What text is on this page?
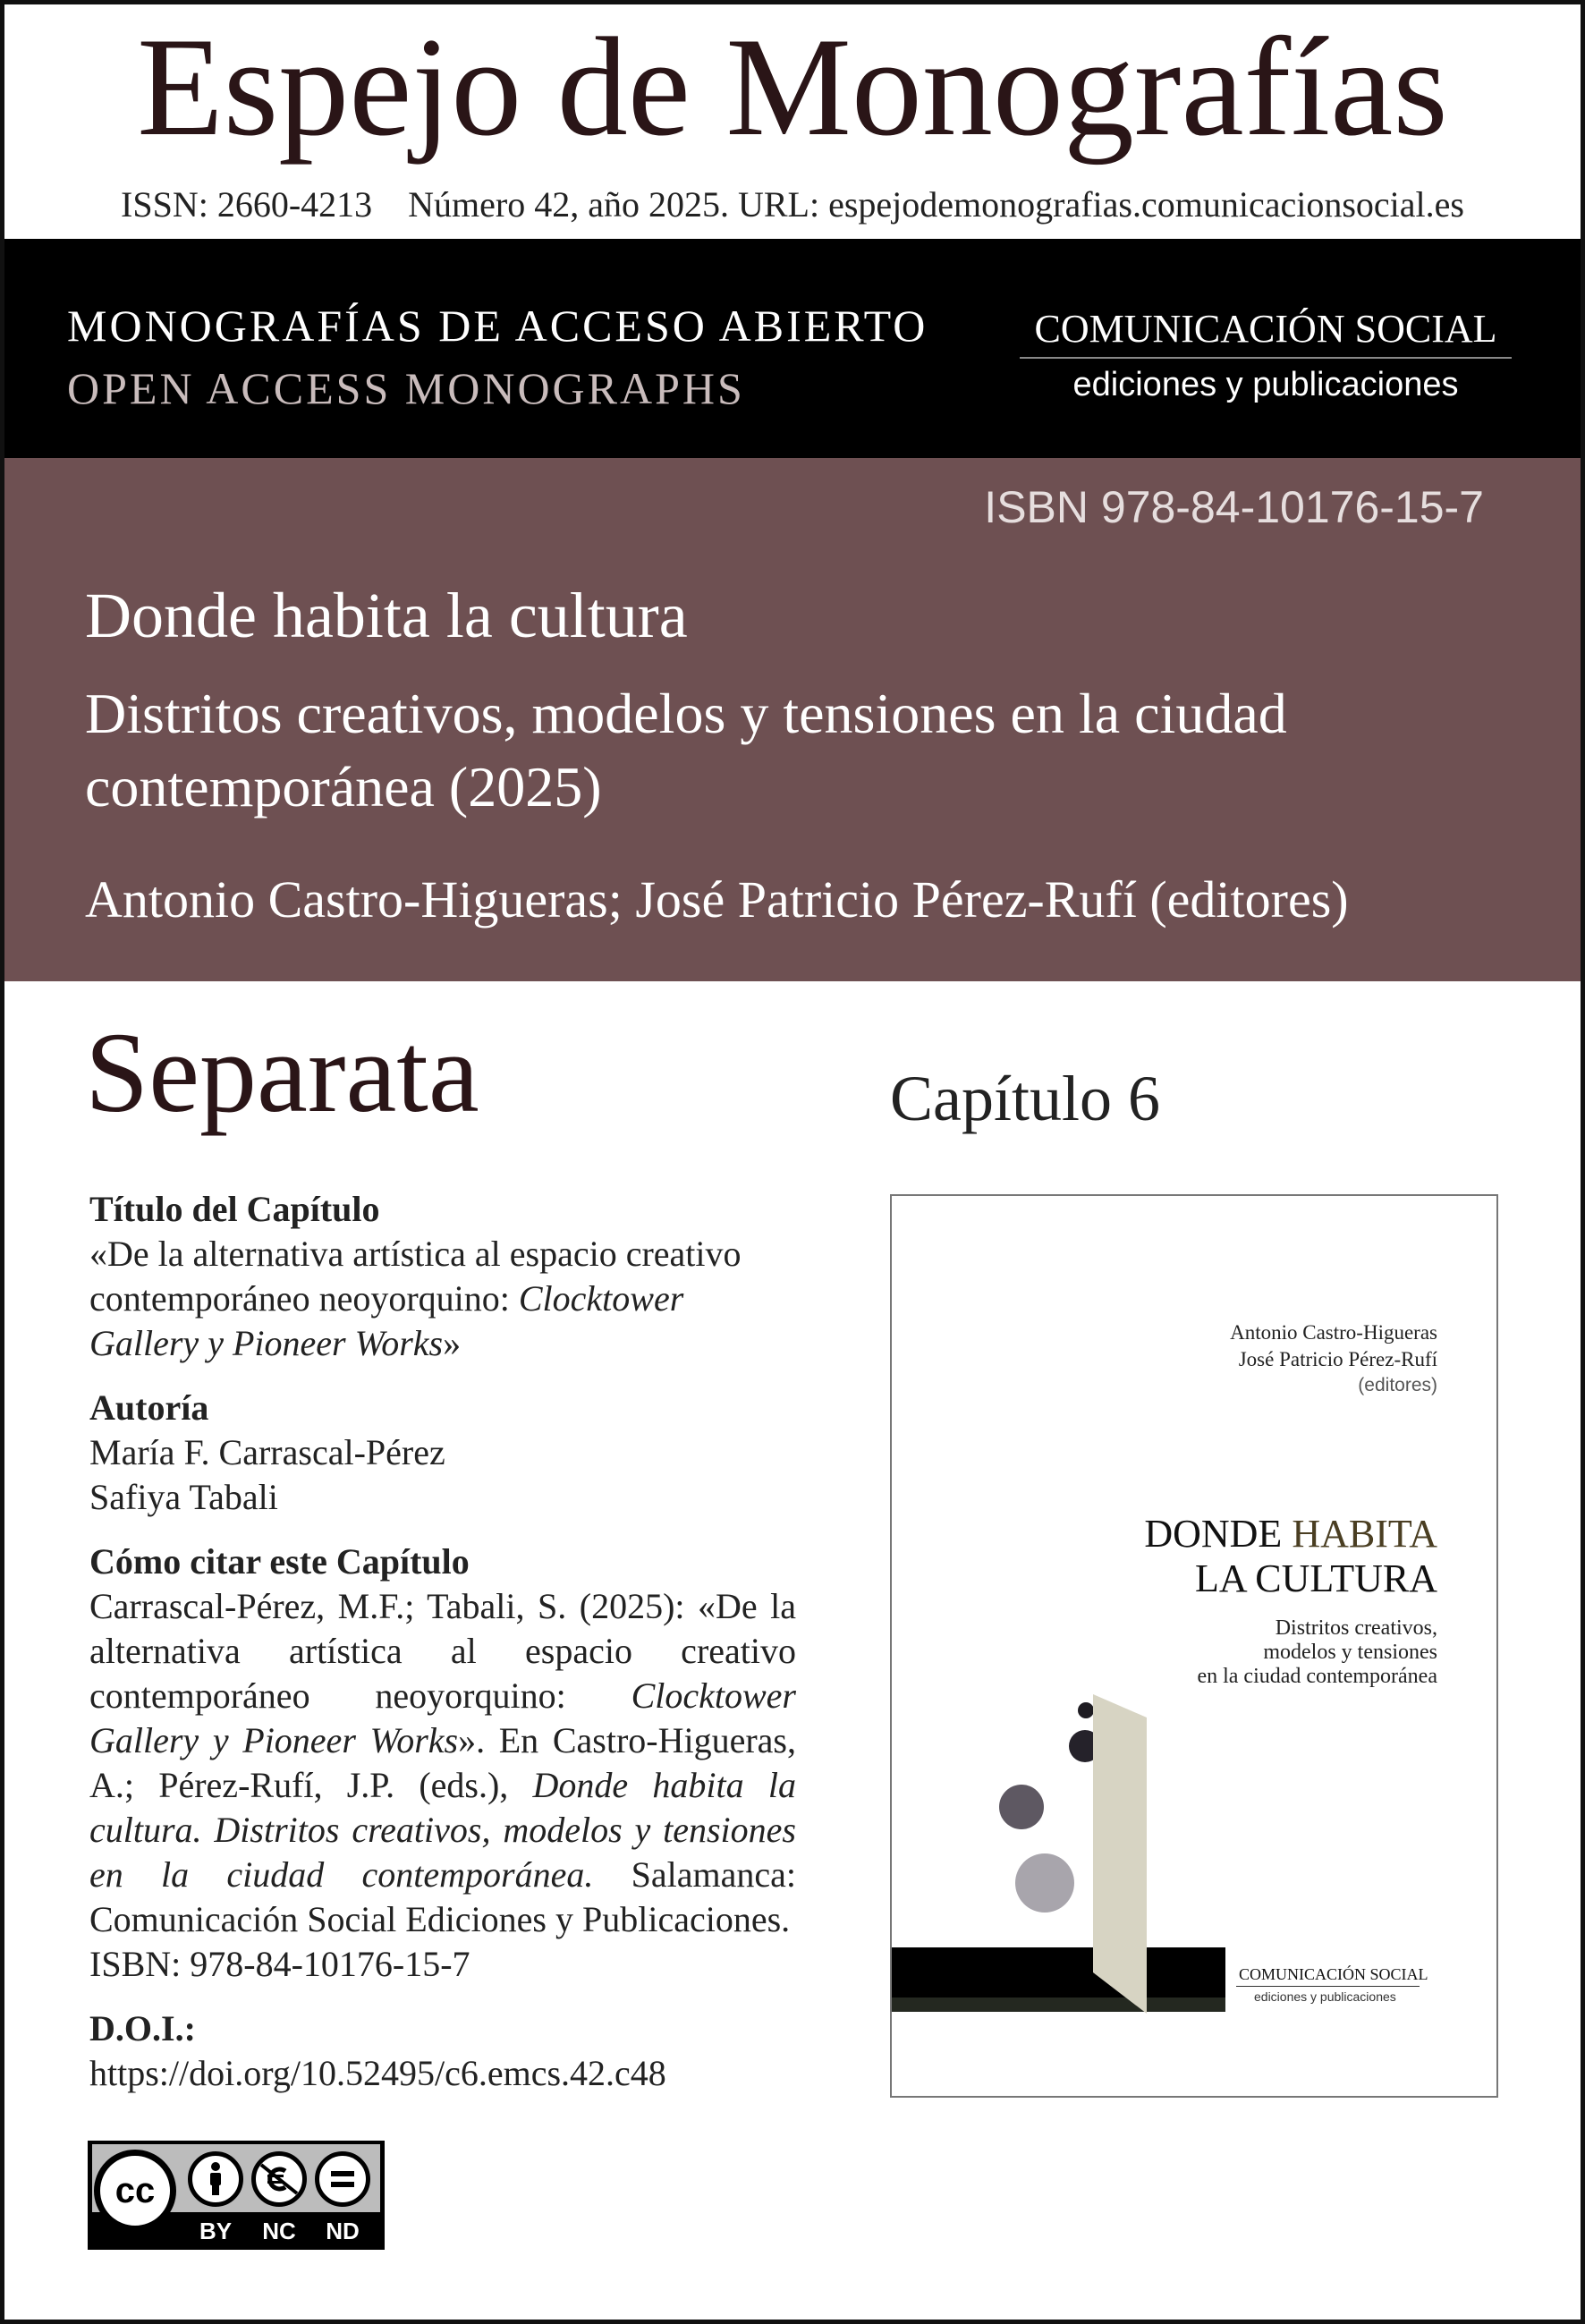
Espejo de Monografías
ISSN: 2660-4213 Número 42, año 2025. URL: espejodemonografias.comunicacionsocial.es
MONOGRAFÍAS DE ACCESO ABIERTO
OPEN ACCESS MONOGRAPHS
COMUNICACIÓN SOCIAL
ediciones y publicaciones
ISBN 978-84-10176-15-7
Donde habita la cultura
Distritos creativos, modelos y tensiones en la ciudad contemporánea (2025)
Antonio Castro-Higueras; José Patricio Pérez-Rufí (editores)
Separata	Capítulo 6

Título del Capítulo

«De la alternativa artística al espacio creativo contemporáneo neoyorquino: Clocktower Gallery y Pioneer Works»

Autoría

María F. Carrascal-Pérez

Safiya Tabali

Cómo citar este Capítulo

Carrascal-Pérez, M.F.; Tabali, S. (2025): «De la alternativa artística al espacio creativo contemporáneo neoyorquino: Clocktower Gallery y Pioneer Works». En Castro-Higueras, A.; Pérez-Rufí, J.P. (eds.), Donde habita la cultura. Distritos creativos, modelos y tensiones en la ciudad contemporánea. Salamanca: Comunicación Social Ediciones y Publicaciones.

ISBN: 978-84-10176-15-7

D.O.I.:

https://doi.org/10.52495/c6.emcs.42.c48

cc
BY	NC	ND
Antonio Castro-Higueras
José Patricio Pérez-Rufí
(editores)
DONDE HABITA
LA CULTURA
Distritos creativos,
modelos y tensiones
en la ciudad contemporánea
COMUNICACIÓN SOCIAL
ediciones y publicaciones
